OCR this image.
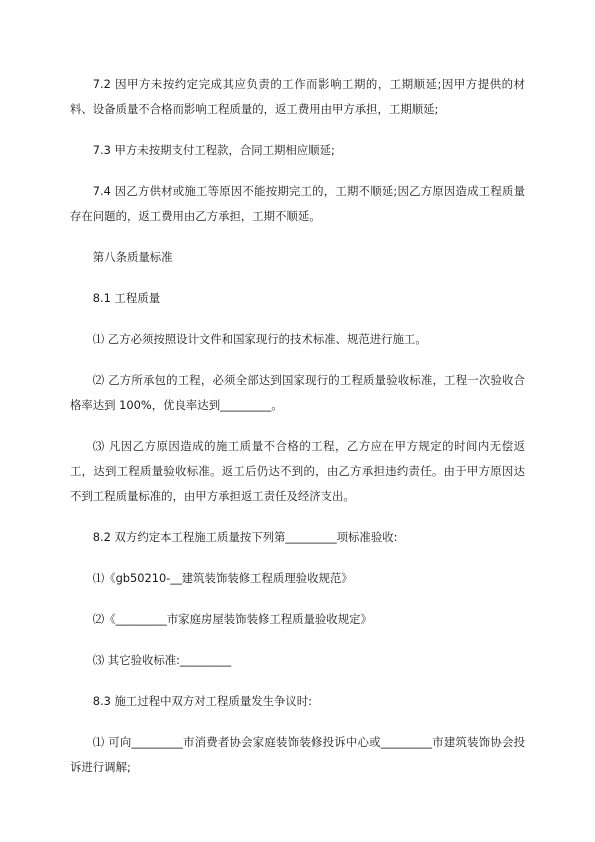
7.2 因甲方未按约定完成其应负责的工作而影响工期的，工期顺延;因甲方提供的材料、设备质量不合格而影响工程质量的，返工费用由甲方承担，工期顺延;

7.3 甲方未按期支付工程款，合同工期相应顺延;

7.4 因乙方供材或施工等原因不能按期完工的，工期不顺延;因乙方原因造成工程质量存在问题的，返工费用由乙方承担，工期不顺延。

第八条质量标准

8.1 工程质量

⑴ 乙方必须按照设计文件和国家现行的技术标准、规范进行施工。

⑵ 乙方所承包的工程，必须全部达到国家现行的工程质量验收标准，工程一次验收合格率达到 100%，优良率达到_________。

⑶ 凡因乙方原因造成的施工质量不合格的工程，乙方应在甲方规定的时间内无偿返工，达到工程质量验收标准。返工后仍达不到的，由乙方承担违约责任。由于甲方原因达不到工程质量标准的，由甲方承担返工责任及经济支出。

8.2 双方约定本工程施工质量按下列第_________项标准验收:

⑴《gb50210-__建筑装饰装修工程质理验收规范》

⑵《_________市家庭房屋装饰装修工程质量验收规定》

⑶ 其它验收标准:_________

8.3 施工过程中双方对工程质量发生争议时:

⑴ 可向_________市消费者协会家庭装饰装修投诉中心或_________市建筑装饰协会投诉进行调解;
